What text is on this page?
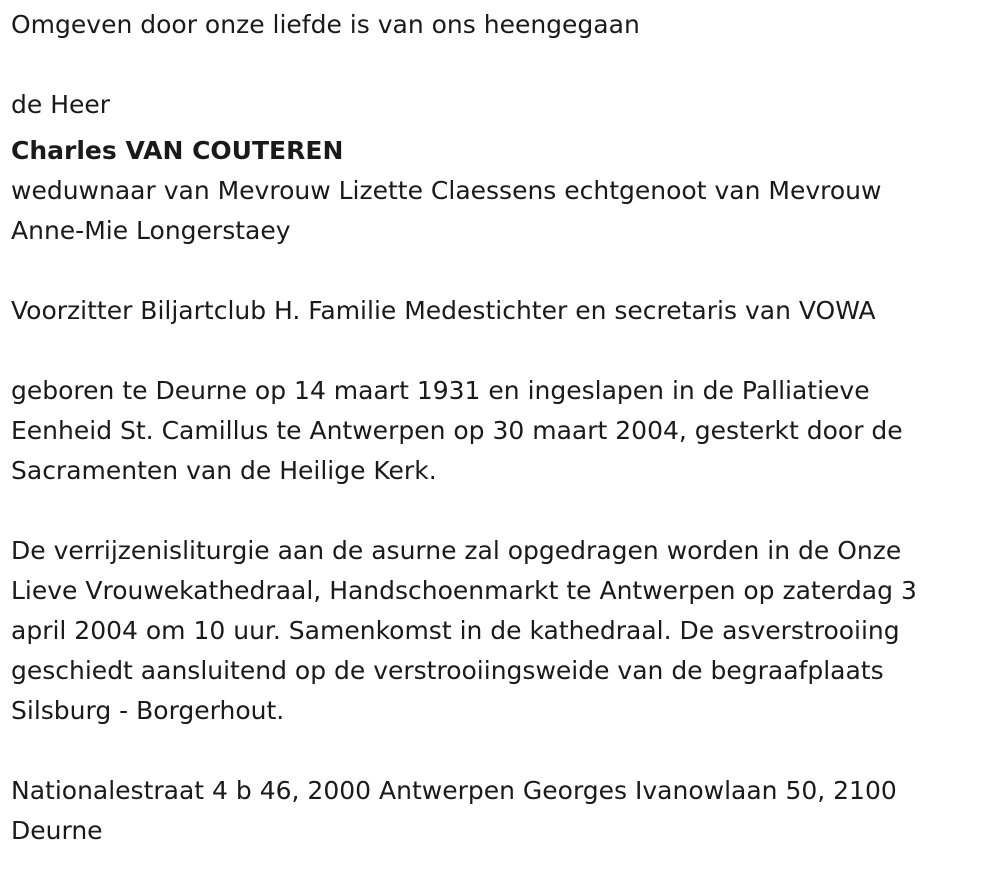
Omgeven door onze liefde is van ons heengegaan

de Heer

Charles VAN COUTEREN

weduwnaar van Mevrouw Lizette Claessens echtgenoot van Mevrouw

Anne-Mie Longerstaey

Voorzitter Biljartclub H. Familie Medestichter en secretaris van VOWA

geboren te Deurne op 14 maart 1931 en ingeslapen in de Palliatieve

Eenheid St. Camillus te Antwerpen op 30 maart 2004, gesterkt door de

Sacramenten van de Heilige Kerk.

De verrijzenisliturgie aan de asurne zal opgedragen worden in de Onze

Lieve Vrouwekathedraal, Handschoenmarkt te Antwerpen op zaterdag 3

april 2004 om 10 uur. Samenkomst in de kathedraal. De asverstrooiing

geschiedt aansluitend op de verstrooiingsweide van de begraafplaats

Silsburg - Borgerhout.

Nationalestraat 4 b 46, 2000 Antwerpen Georges Ivanowlaan 50, 2100

Deurne
